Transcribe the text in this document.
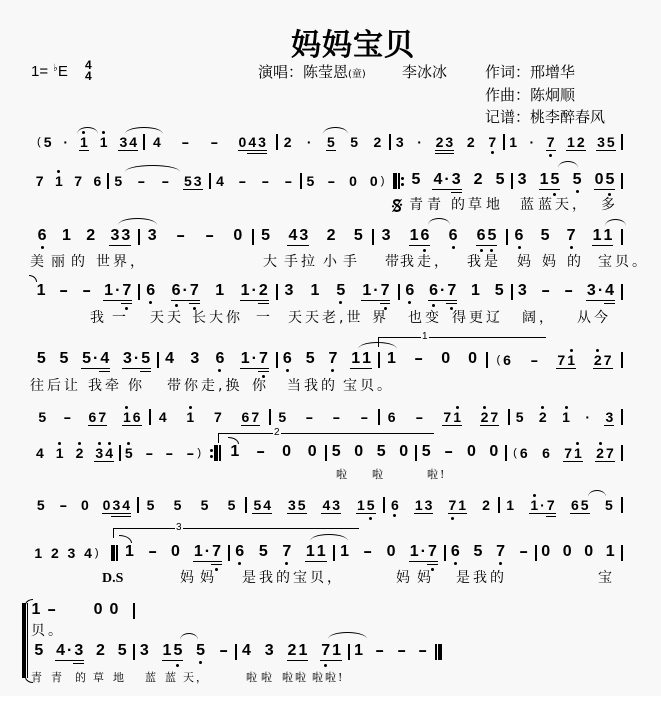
妈妈宝贝
1= ♭E 4
4	演唱：陈莹恩(童) 李冰冰	作词：邢增华
作曲：陈炯顺
记谱：桃李醉春风
( 5 · 1 1 3 4 4	-	-	0 4 3 2 · 5 5 2 3 · 2 3 2 7 1 · 7 1 2 3 5
7 1 7 6 5	-	-	5 3 4	-	-	-	5 - 0 0 ) 5 4 · 3 2 5 3 1 5 5 0 5
青 青 的 草 地 蓝 蓝 天， 多
6 1 2 3 3 3	-	-	0 5 4 3 2 5 3 1 6 6 6 5 6 5 7 1 1
美 丽 的 世界，	大 手拉 小 手 带
我走， 我是 妈 妈 的 宝贝。
1 - - 1 · 7 6 6 · 7 1 1 · 2 3 1 5 1 · 7 6 6 · 7 1 5 3 - - 3 · 4
我 一 天天 长大你 一 天天老,世 界 也变 得更辽 阔， 从今
5 5 5 · 4 3 · 5 4 3 6 1 · 7 6 5 7 1 1 1	-	0 0 ( 6	-	7 1 2 7
1
往后让 我牵 你 带你走,换 你 当我的 宝贝。
5	-	6 7 1 6 4 1 7 6 7 5	-	-	-	6	-	7 1 2 7 5 2 1 · 3
4 1 2 3 4 5 - - - ) 1	-	0 0 5 0 5 0 5 - 0 0 ( 6 6 7 1 2 7
2
啦 啦	啦!
5	-	0 0 3 4 5 5 5 5 5 4 3 5 4 3 1 5 6 1 3 7 1 2 1 1 · 7 6 5 5
1 2 3 4 ) 1 - 0 1 · 7 6 5 7 1 1 1 - 0 1 · 7 6 5 7 - 0 0 0 1
3
D.S	妈 妈 是我的宝贝，	妈 妈 是我的	宝
1 -	0 0
贝。
5 4 · 3 2 5 3 1 5 5 - 4 3 2 1 7 1 1 - - -
青 青 的 草 地 蓝 蓝 天，	啦 啦 啦啦 啦啦!
